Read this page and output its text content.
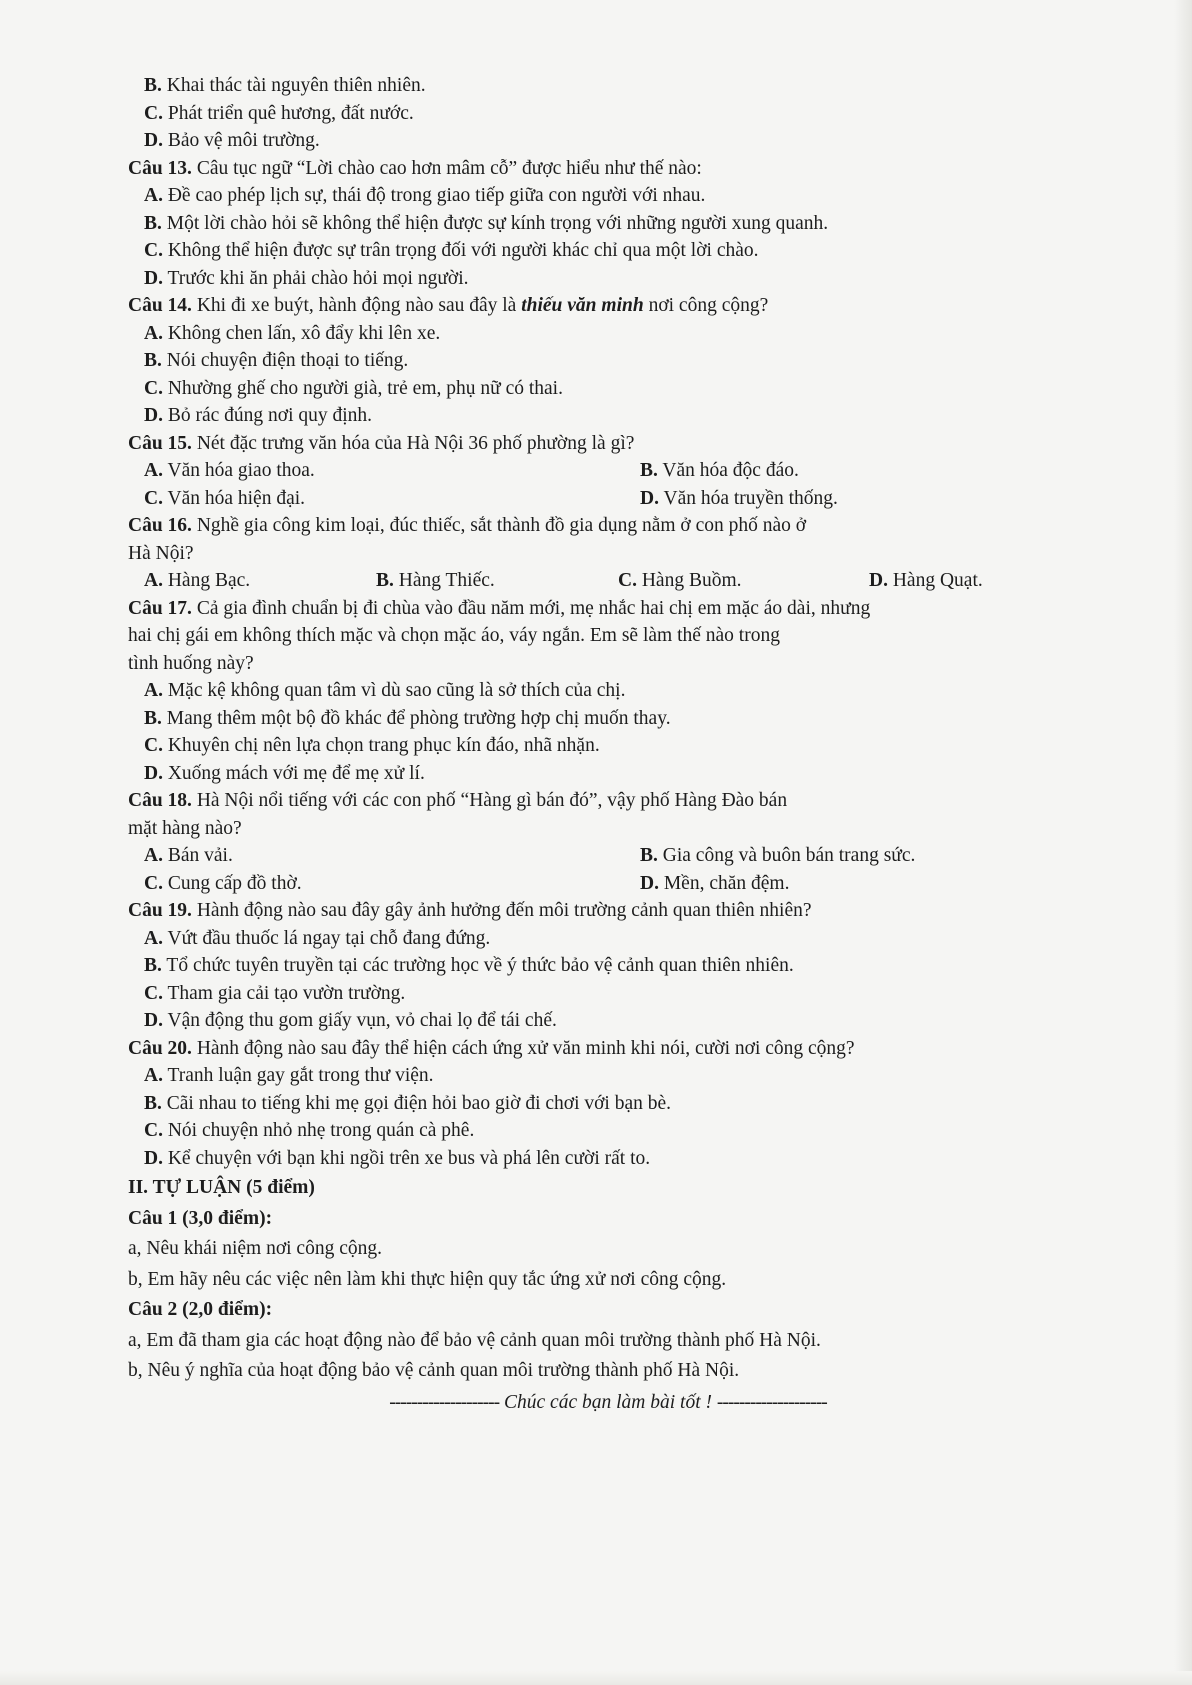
B. Khai thác tài nguyên thiên nhiên.
C. Phát triển quê hương, đất nước.
D. Bảo vệ môi trường.
Câu 13. Câu tục ngữ “Lời chào cao hơn mâm cỗ” được hiểu như thế nào:
A. Đề cao phép lịch sự, thái độ trong giao tiếp giữa con người với nhau.
B. Một lời chào hỏi sẽ không thể hiện được sự kính trọng với những người xung quanh.
C. Không thể hiện được sự trân trọng đối với người khác chỉ qua một lời chào.
D. Trước khi ăn phải chào hỏi mọi người.
Câu 14. Khi đi xe buýt, hành động nào sau đây là thiếu văn minh nơi công cộng?
A. Không chen lấn, xô đẩy khi lên xe.
B. Nói chuyện điện thoại to tiếng.
C. Nhường ghế cho người già, trẻ em, phụ nữ có thai.
D. Bỏ rác đúng nơi quy định.
Câu 15. Nét đặc trưng văn hóa của Hà Nội 36 phố phường là gì?
A. Văn hóa giao thoa.	B. Văn hóa độc đáo.
C. Văn hóa hiện đại.	D. Văn hóa truyền thống.
Câu 16. Nghề gia công kim loại, đúc thiếc, sắt thành đồ gia dụng nằm ở con phố nào ở
Hà Nội?
A. Hàng Bạc.	B. Hàng Thiếc.	C. Hàng Buồm.	D. Hàng Quạt.
Câu 17. Cả gia đình chuẩn bị đi chùa vào đầu năm mới, mẹ nhắc hai chị em mặc áo dài, nhưng
hai chị gái em không thích mặc và chọn mặc áo, váy ngắn. Em sẽ làm thế nào trong
tình huống này?
A. Mặc kệ không quan tâm vì dù sao cũng là sở thích của chị.
B. Mang thêm một bộ đồ khác để phòng trường hợp chị muốn thay.
C. Khuyên chị nên lựa chọn trang phục kín đáo, nhã nhặn.
D. Xuống mách với mẹ để mẹ xử lí.
Câu 18. Hà Nội nổi tiếng với các con phố “Hàng gì bán đó”, vậy phố Hàng Đào bán
mặt hàng nào?
A. Bán vải.	B. Gia công và buôn bán trang sức.
C. Cung cấp đồ thờ.	D. Mền, chăn đệm.
Câu 19. Hành động nào sau đây gây ảnh hưởng đến môi trường cảnh quan thiên nhiên?
A. Vứt đầu thuốc lá ngay tại chỗ đang đứng.
B. Tổ chức tuyên truyền tại các trường học về ý thức bảo vệ cảnh quan thiên nhiên.
C. Tham gia cải tạo vườn trường.
D. Vận động thu gom giấy vụn, vỏ chai lọ để tái chế.
Câu 20. Hành động nào sau đây thể hiện cách ứng xử văn minh khi nói, cười nơi công cộng?
A. Tranh luận gay gắt trong thư viện.
B. Cãi nhau to tiếng khi mẹ gọi điện hỏi bao giờ đi chơi với bạn bè.
C. Nói chuyện nhỏ nhẹ trong quán cà phê.
D. Kể chuyện với bạn khi ngồi trên xe bus và phá lên cười rất to.
II. TỰ LUẬN (5 điểm)
Câu 1 (3,0 điểm):
a, Nêu khái niệm nơi công cộng.
b, Em hãy nêu các việc nên làm khi thực hiện quy tắc ứng xử nơi công cộng.
Câu 2 (2,0 điểm):
a, Em đã tham gia các hoạt động nào để bảo vệ cảnh quan môi trường thành phố Hà Nội.
b, Nêu ý nghĩa của hoạt động bảo vệ cảnh quan môi trường thành phố Hà Nội.
-------------------- Chúc các bạn làm bài tốt ! --------------------
